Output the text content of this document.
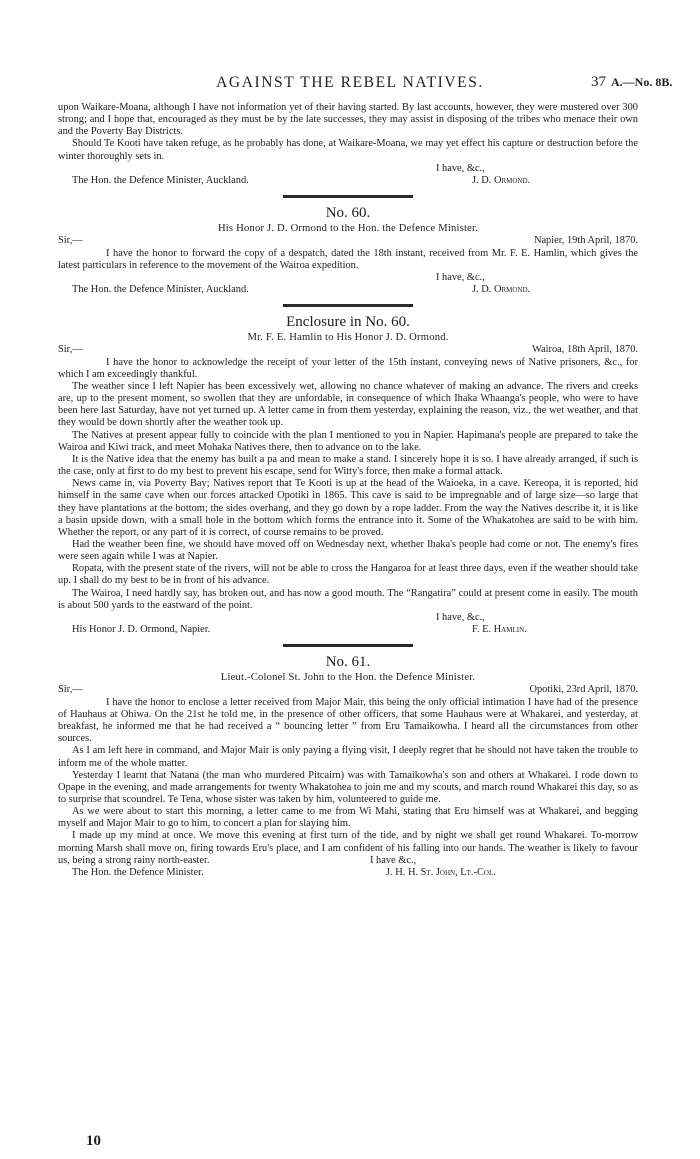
AGAINST THE REBEL NATIVES.	37 A.—No. 8B.

upon Waikare-Moana, although I have not information yet of their having started. By last accounts, however, they were mustered over 300 strong; and I hope that, encouraged as they must be by the late successes, they may assist in disposing of the tribes who menace their own and the Poverty Bay Districts.

Should Te Kooti have taken refuge, as he probably has done, at Waikare-Moana, we may yet effect his capture or destruction before the winter thoroughly sets in.

I have, &c.,
The Hon. the Defence Minister, Auckland.	J. D. Ormond.
No. 60.
His Honor J. D. Ormond to the Hon. the Defence Minister.
Sir,—	Napier, 19th April, 1870.

I have the honor to forward the copy of a despatch, dated the 18th instant, received from Mr. F. E. Hamlin, which gives the latest particulars in reference to the movement of the Wairoa expedition.

I have, &c.,
The Hon. the Defence Minister, Auckland.	J. D. Ormond.
Enclosure in No. 60.
Mr. F. E. Hamlin to His Honor J. D. Ormond.
Sir,—	Wairoa, 18th April, 1870.

I have the honor to acknowledge the receipt of your letter of the 15th instant, conveying news of Native prisoners, &c., for which I am exceedingly thankful.

The weather since I left Napier has been excessively wet, allowing no chance whatever of making an advance. The rivers and creeks are, up to the present moment, so swollen that they are unfordable, in consequence of which Ihaka Whaanga's people, who were to have been here last Saturday, have not yet turned up. A letter came in from them yesterday, explaining the reason, viz., the wet weather, and that they would be down shortly after the weather took up.

The Natives at present appear fully to coincide with the plan I mentioned to you in Napier. Hapimana's people are prepared to take the Wairoa and Kiwi track, and meet Mohaka Natives there, then to advance on to the lake.

It is the Native idea that the enemy has built a pa and mean to make a stand. I sincerely hope it is so. I have already arranged, if such is the case, only at first to do my best to prevent his escape, send for Witty's force, then make a formal attack.

News came in, via Poverty Bay; Natives report that Te Kooti is up at the head of the Waioeka, in a cave. Kereopa, it is reported, hid himself in the same cave when our forces attacked Opotiki in 1865. This cave is said to be impregnable and of large size—so large that they have plantations at the bottom; the sides overhang, and they go down by a rope ladder. From the way the Natives describe it, it is like a basin upside down, with a small hole in the bottom which forms the entrance into it. Some of the Whakatohea are said to be with him. Whether the report, or any part of it is correct, of course remains to be proved.

Had the weather been fine, we should have moved off on Wednesday next, whether Ihaka's people had come or not. The enemy's fires were seen again while I was at Napier.

Ropata, with the present state of the rivers, will not be able to cross the Hangaroa for at least three days, even if the weather should take up. I shall do my best to be in front of his advance.

The Wairoa, I need hardly say, has broken out, and has now a good mouth. The “Rangatira” could at present come in easily. The mouth is about 500 yards to the eastward of the point.

I have, &c.,
His Honor J. D. Ormond, Napier.	F. E. Hamlin.
No. 61.
Lieut.-Colonel St. John to the Hon. the Defence Minister.
Sir,—	Opotiki, 23rd April, 1870.

I have the honor to enclose a letter received from Major Mair, this being the only official intimation I have had of the presence of Hauhaus at Ohiwa. On the 21st he told me, in the presence of other officers, that some Hauhaus were at Whakarei, and yesterday, at breakfast, he informed me that he had received a “ bouncing letter ” from Eru Tamaikowha. I heard all the circumstances from other sources.

As I am left here in command, and Major Mair is only paying a flying visit, I deeply regret that he should not have taken the trouble to inform me of the whole matter.

Yesterday I learnt that Natana (the man who murdered Pitcairn) was with Tamaikowha's son and others at Whakarei. I rode down to Opape in the evening, and made arrangements for twenty Whakatohea to join me and my scouts, and march round Whakarei this day, so as to surprise that scoundrel. Te Tena, whose sister was taken by him, volunteered to guide me.

As we were about to start this morning, a letter came to me from Wi Mahi, stating that Eru himself was at Whakarei, and begging myself and Major Mair to go to him, to concert a plan for slaying him.

I made up my mind at once. We move this evening at first turn of the tide, and by night we shall get round Whakarei. To-morrow morning Marsh shall move on, firing towards Eru's place, and I am confident of his falling into our hands. The weather is likely to favour us, being a strong rainy north-easter.	I have &c.,
The Hon. the Defence Minister.	J. H. H. St. John, Lt.-Col.
10
